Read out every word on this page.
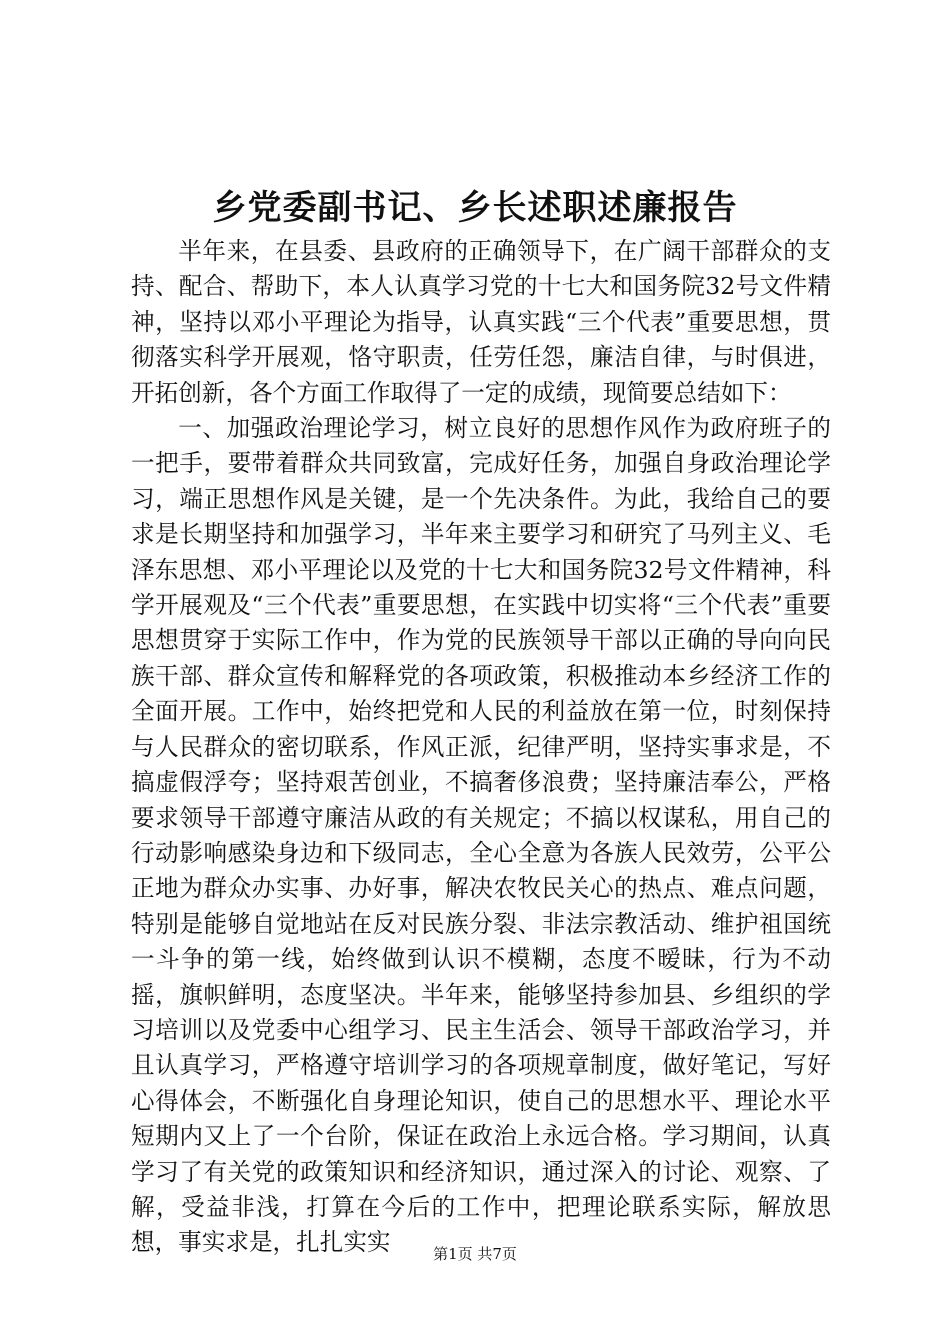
乡党委副书记、乡长述职述廉报告

半年来，在县委、县政府的正确领导下，在广阔干部群众的支持、配合、帮助下，本人认真学习党的十七大和国务院32号文件精神，坚持以邓小平理论为指导，认真实践“三个代表”重要思想，贯彻落实科学开展观，恪守职责，任劳任怨，廉洁自律，与时俱进，开拓创新，各个方面工作取得了一定的成绩，现简要总结如下：

一、加强政治理论学习，树立良好的思想作风作为政府班子的一把手，要带着群众共同致富，完成好任务，加强自身政治理论学习，端正思想作风是关键，是一个先决条件。为此，我给自己的要求是长期坚持和加强学习，半年来主要学习和研究了马列主义、毛泽东思想、邓小平理论以及党的十七大和国务院32号文件精神，科学开展观及“三个代表”重要思想，在实践中切实将“三个代表”重要思想贯穿于实际工作中，作为党的民族领导干部以正确的导向向民族干部、群众宣传和解释党的各项政策，积极推动本乡经济工作的全面开展。工作中，始终把党和人民的利益放在第一位，时刻保持与人民群众的密切联系，作风正派，纪律严明，坚持实事求是，不搞虚假浮夸；坚持艰苦创业，不搞奢侈浪费；坚持廉洁奉公，严格要求领导干部遵守廉洁从政的有关规定；不搞以权谋私，用自己的行动影响感染身边和下级同志，全心全意为各族人民效劳，公平公正地为群众办实事、办好事，解决农牧民关心的热点、难点问题，特别是能够自觉地站在反对民族分裂、非法宗教活动、维护祖国统一斗争的第一线，始终做到认识不模糊，态度不暧昧，行为不动摇，旗帜鲜明，态度坚决。半年来，能够坚持参加县、乡组织的学习培训以及党委中心组学习、民主生活会、领导干部政治学习，并且认真学习，严格遵守培训学习的各项规章制度，做好笔记，写好心得体会，不断强化自身理论知识，使自己的思想水平、理论水平短期内又上了一个台阶，保证在政治上永远合格。学习期间，认真学习了有关党的政策知识和经济知识，通过深入的讨论、观察、了解，受益非浅，打算在今后的工作中，把理论联系实际，解放思想，事实求是，扎扎实实	第1页 共7页
